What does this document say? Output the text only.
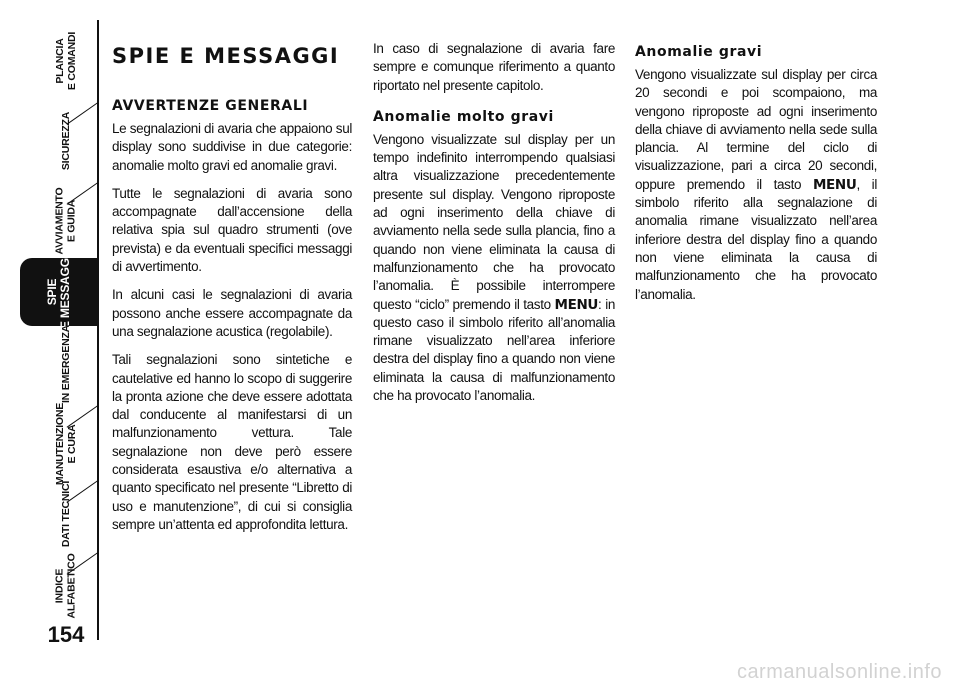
PLANCIA
E COMANDI
SICUREZZA
AVVIAMENTO
E GUIDA
SPIE
E MESSAGGI
IN EMERGENZA
MANUTENZIONE
E CURA
DATI TECNICI
INDICE
ALFABETICO
154
SPIE E MESSAGGI
AVVERTENZE GENERALI

Le segnalazioni di avaria che appaiono sul display sono suddivise in due categorie: anomalie molto gravi ed anomalie gravi.

Tutte le segnalazioni di avaria sono accompagnate dall’accensione della relativa spia sul quadro strumenti (ove prevista) e da eventuali specifici messaggi di avvertimento.

In alcuni casi le segnalazioni di avaria possono anche essere accompagnate da una segnalazione acustica (regolabile).

Tali segnalazioni sono sintetiche e cautelative ed hanno lo scopo di suggerire la pronta azione che deve essere adottata dal conducente al manifestarsi di un malfunzionamento vettura. Tale segnalazione non deve però essere considerata esaustiva e/o alternativa a quanto specificato nel presente “Libretto di uso e manutenzione”, di cui si consiglia sempre un’attenta ed approfondita lettura.

In caso di segnalazione di avaria fare sempre e comunque riferimento a quanto riportato nel presente capitolo.

Anomalie molto gravi

Vengono visualizzate sul display per un tempo indefinito interrompendo qualsiasi altra visualizzazione precedentemente presente sul display. Vengono riproposte ad ogni inserimento della chiave di avviamento nella sede sulla plancia, fino a quando non viene eliminata la causa di malfunzionamento che ha provocato l’anomalia. È possibile interrompere questo “ciclo” premendo il tasto MENU: in questo caso il simbolo riferito all’anomalia rimane visualizzato nell’area inferiore destra del display fino a quando non viene eliminata la causa di malfunzionamento che ha provocato l’anomalia.

Anomalie gravi

Vengono visualizzate sul display per circa 20 secondi e poi scompaiono, ma vengono riproposte ad ogni inserimento della chiave di avviamento nella sede sulla plancia. Al termine del ciclo di visualizzazione, pari a circa 20 secondi, oppure premendo il tasto MENU, il simbolo riferito alla segnalazione di anomalia rimane visualizzato nell’area inferiore destra del display fino a quando non viene eliminata la causa di malfunzionamento che ha provocato l’anomalia.

carmanualsonline.info
